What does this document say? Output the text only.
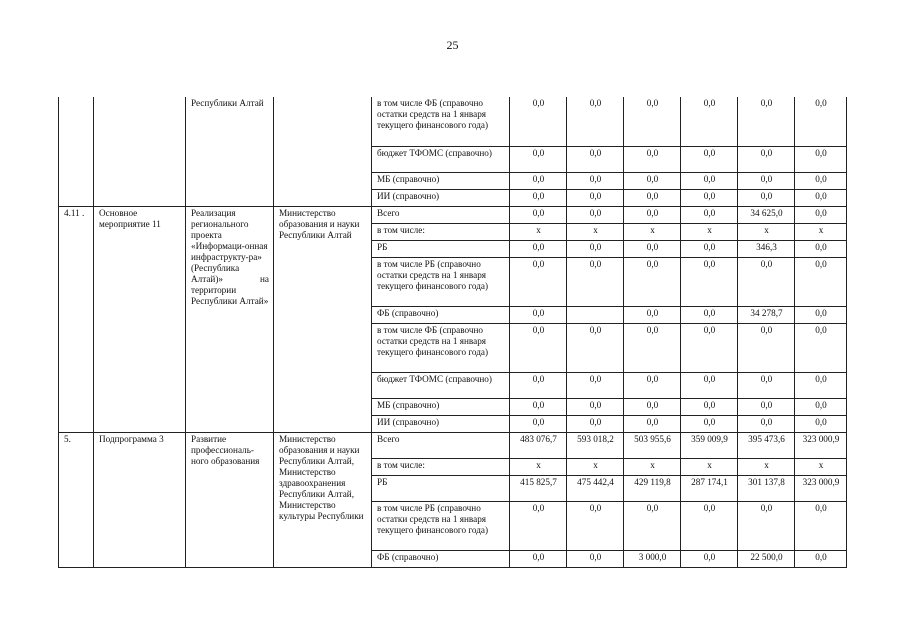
25
		Республики Алтай		в том числе ФБ (справочно остатки средств на 1 января текущего финансового года)	0,0	0,0	0,0	0,0	0,0	0,0
				бюджет ТФОМС (справочно)	0,0	0,0	0,0	0,0	0,0	0,0
				МБ (справочно)	0,0	0,0	0,0	0,0	0,0	0,0
				ИИ (справочно)	0,0	0,0	0,0	0,0	0,0	0,0
4.11 .	Основное мероприятие 11	Реализация регионального проекта «Информаци-онная инфраструкту-ра» (Республика Алтай)» на территории Республики Алтай»	Министерство образования и науки Республики Алтай	Всего	0,0	0,0	0,0	0,0	34 625,0	0,0
				в том числе:	х	х	х	х	х	х
				РБ	0,0	0,0	0,0	0,0	346,3	0,0
				в том числе РБ (справочно остатки средств на 1 января текущего финансового года)	0,0	0,0	0,0	0,0	0,0	0,0
				ФБ (справочно)	0,0		0,0	0,0	34 278,7	0,0
				в том числе ФБ (справочно остатки средств на 1 января текущего финансового года)	0,0	0,0	0,0	0,0	0,0	0,0
				бюджет ТФОМС (справочно)	0,0	0,0	0,0	0,0	0,0	0,0
				МБ (справочно)	0,0	0,0	0,0	0,0	0,0	0,0
				ИИ (справочно)	0,0	0,0	0,0	0,0	0,0	0,0
5.	Подпрограмма 3	Развитие профессиональ-ного образования	Министерство образования и науки Республики Алтай, Министерство здравоохранения Республики Алтай, Министерство культуры Республики	Всего	483 076,7	593 018,2	503 955,6	359 009,9	395 473,6	323 000,9
				в том числе:	х	х	х	х	х	х
				РБ	415 825,7	475 442,4	429 119,8	287 174,1	301 137,8	323 000,9
				в том числе РБ (справочно остатки средств на 1 января текущего финансового года)	0,0	0,0	0,0	0,0	0,0	0,0
				ФБ (справочно)	0,0	0,0	3 000,0	0,0	22 500,0	0,0
